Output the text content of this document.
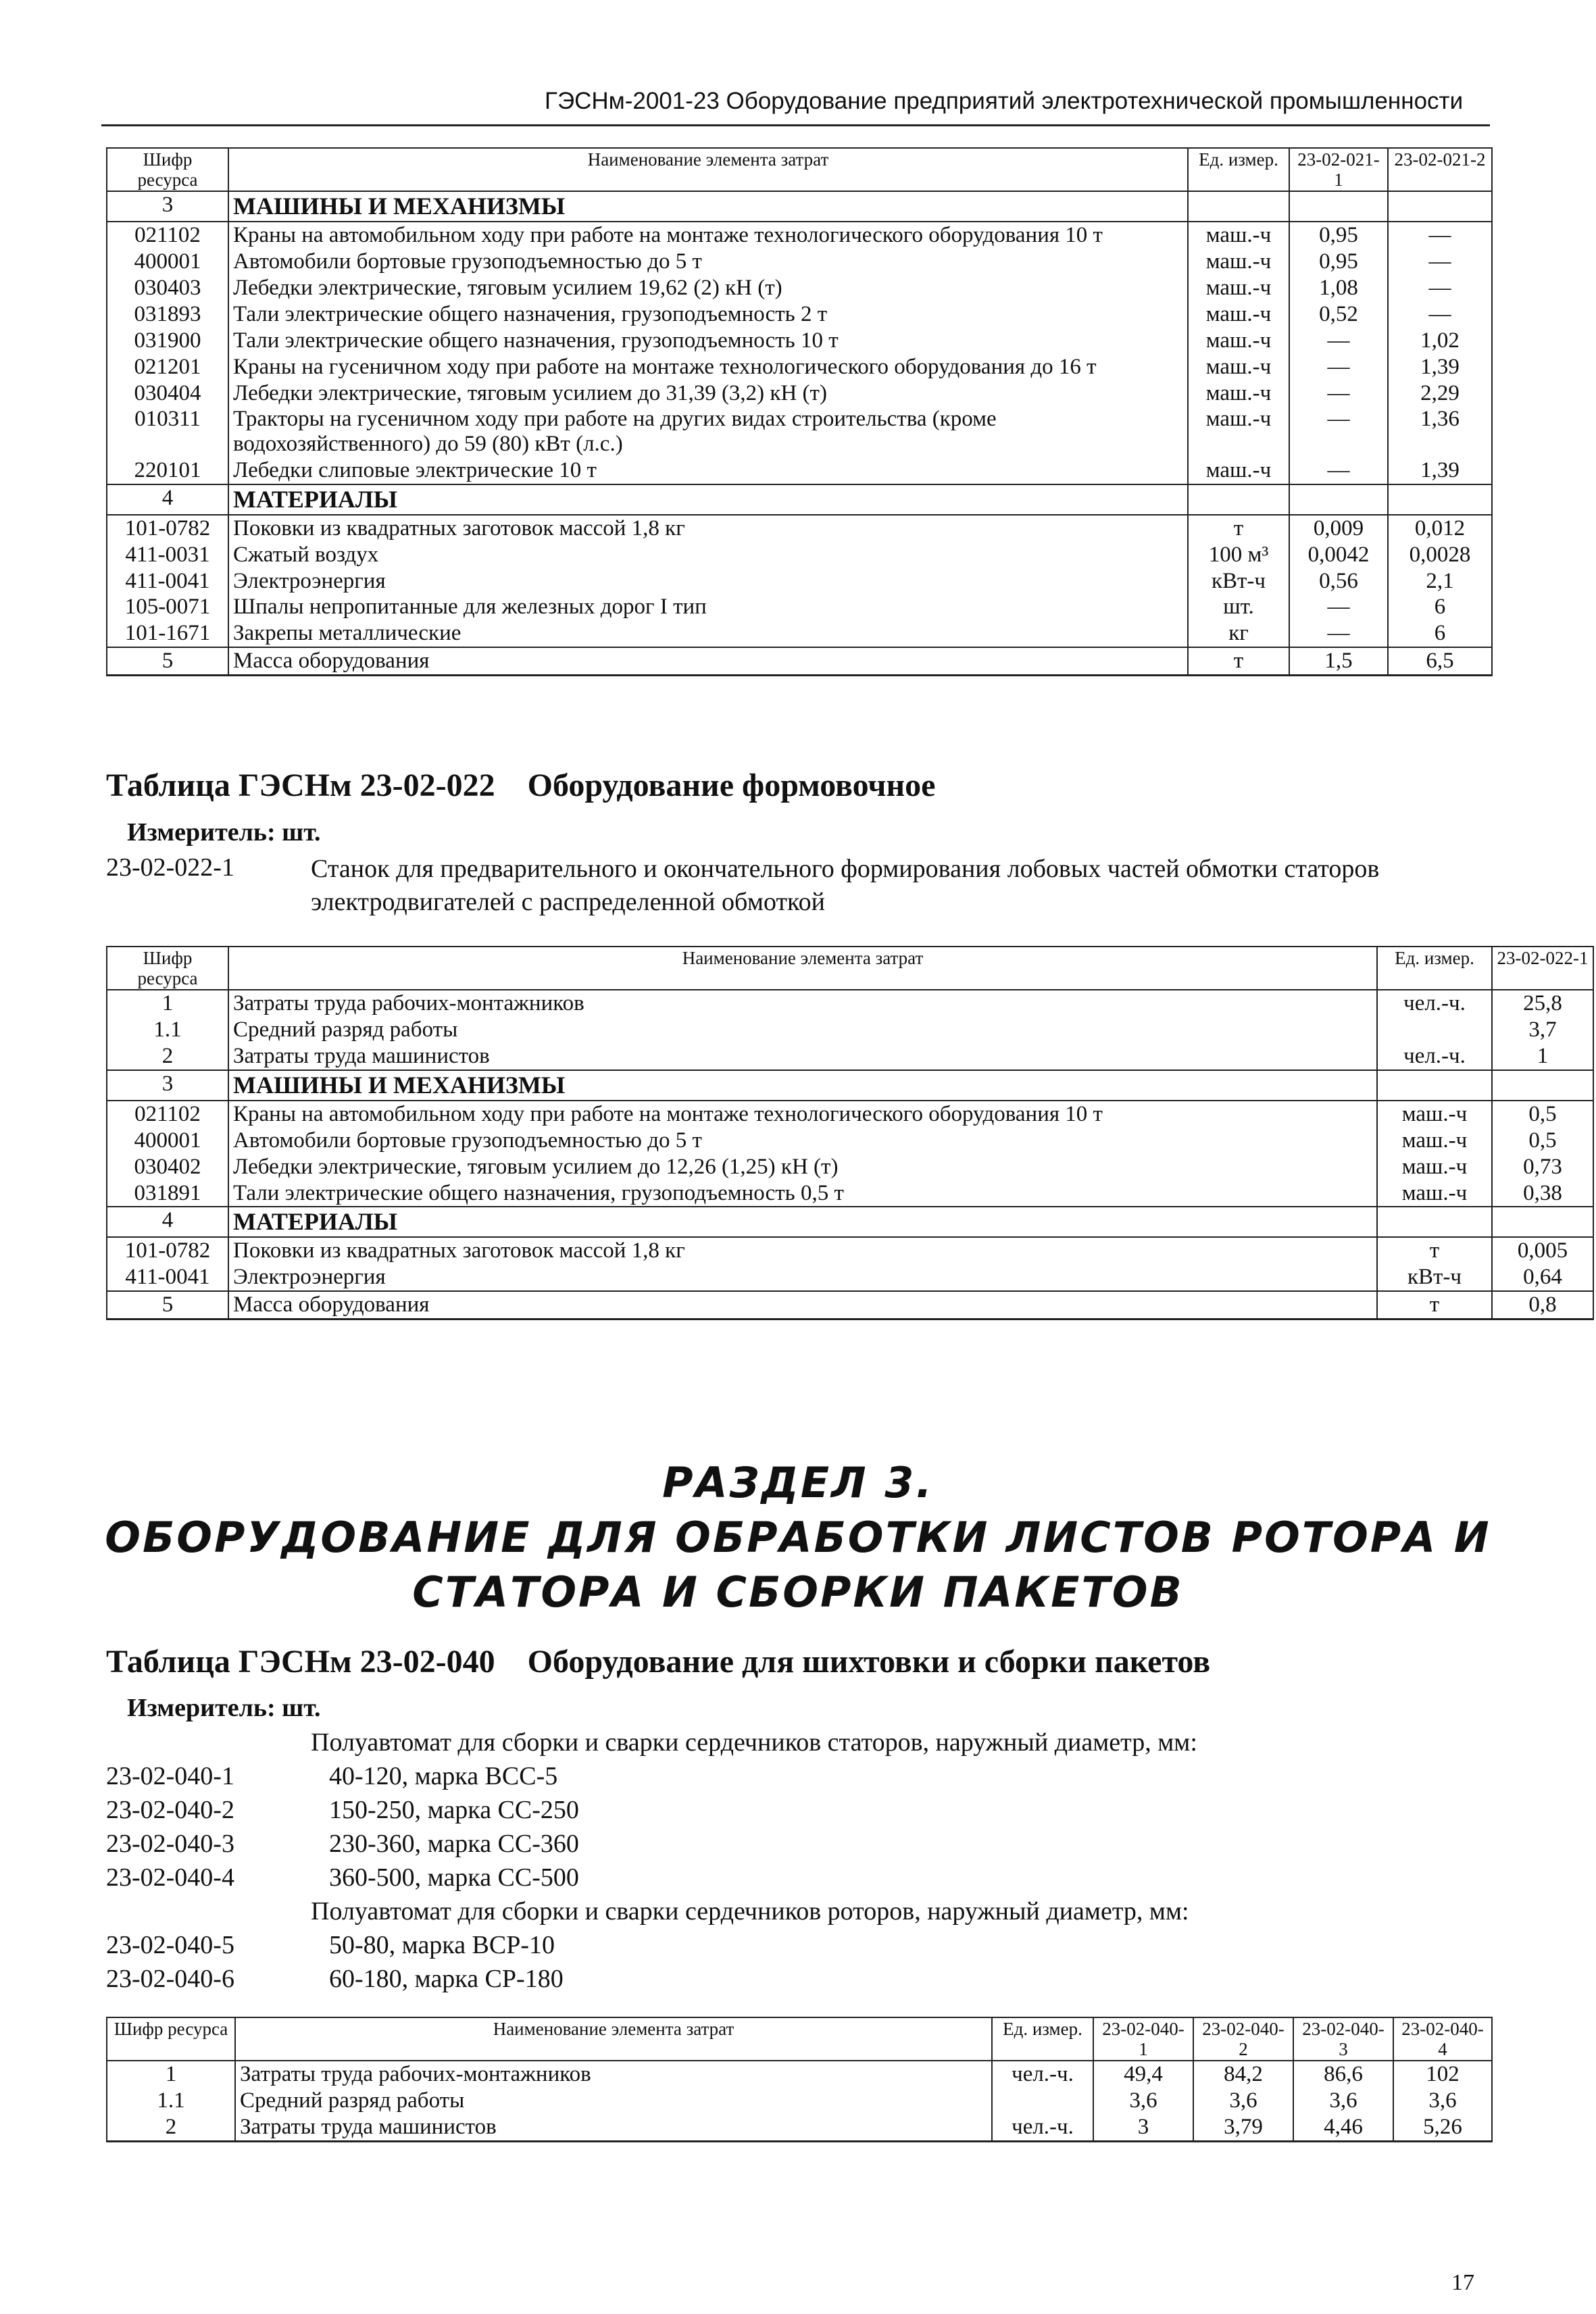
ГЭСНм-2001-23 Оборудование предприятий электротехнической промышленности
Шифр ресурса	Наименование элемента затрат	Ед. измер.	23-02-021-1	23-02-021-2
3	МАШИНЫ И МЕХАНИЗМЫ			
021102	Краны на автомобильном ходу при работе на монтаже технологического оборудования 10 т	маш.-ч	0,95	—
400001	Автомобили бортовые грузоподъемностью до 5 т	маш.-ч	0,95	—
030403	Лебедки электрические, тяговым усилием 19,62 (2) кН (т)	маш.-ч	1,08	—
031893	Тали электрические общего назначения, грузоподъемность 2 т	маш.-ч	0,52	—
031900	Тали электрические общего назначения, грузоподъемность 10 т	маш.-ч	—	1,02
021201	Краны на гусеничном ходу при работе на монтаже технологического оборудования до 16 т	маш.-ч	—	1,39
030404	Лебедки электрические, тяговым усилием до 31,39 (3,2) кН (т)	маш.-ч	—	2,29
010311	Тракторы на гусеничном ходу при работе на других видах строительства (кроме водохозяйственного) до 59 (80) кВт (л.с.)	маш.-ч	—	1,36
220101	Лебедки слиповые электрические 10 т	маш.-ч	—	1,39
4	МАТЕРИАЛЫ			
101-0782	Поковки из квадратных заготовок массой 1,8 кг	т	0,009	0,012
411-0031	Сжатый воздух	100 м³	0,0042	0,0028
411-0041	Электроэнергия	кВт-ч	0,56	2,1
105-0071	Шпалы непропитанные для железных дорог I тип	шт.	—	6
101-1671	Закрепы металлические	кг	—	6
5	Масса оборудования	т	1,5	6,5
Таблица ГЭСНм 23-02-022 Оборудование формовочное
Измеритель: шт.
23-02-022-1	Станок для предварительного и окончательного формирования лобовых частей обмотки статоров электродвигателей с распределенной обмоткой
Шифр ресурса	Наименование элемента затрат	Ед. измер.	23-02-022-1
1	Затраты труда рабочих-монтажников	чел.-ч.	25,8
1.1	Средний разряд работы		3,7
2	Затраты труда машинистов	чел.-ч.	1
3	МАШИНЫ И МЕХАНИЗМЫ		
021102	Краны на автомобильном ходу при работе на монтаже технологического оборудования 10 т	маш.-ч	0,5
400001	Автомобили бортовые грузоподъемностью до 5 т	маш.-ч	0,5
030402	Лебедки электрические, тяговым усилием до 12,26 (1,25) кН (т)	маш.-ч	0,73
031891	Тали электрические общего назначения, грузоподъемность 0,5 т	маш.-ч	0,38
4	МАТЕРИАЛЫ		
101-0782	Поковки из квадратных заготовок массой 1,8 кг	т	0,005
411-0041	Электроэнергия	кВт-ч	0,64
5	Масса оборудования	т	0,8
РАЗДЕЛ 3.
ОБОРУДОВАНИЕ ДЛЯ ОБРАБОТКИ ЛИСТОВ РОТОРА И
СТАТОРА И СБОРКИ ПАКЕТОВ
Таблица ГЭСНм 23-02-040 Оборудование для шихтовки и сборки пакетов
Измеритель: шт.
Полуавтомат для сборки и сварки сердечников статоров, наружный диаметр, мм:
23-02-040-1	40-120, марка ВСС-5
23-02-040-2	150-250, марка СС-250
23-02-040-3	230-360, марка СС-360
23-02-040-4	360-500, марка СС-500
Полуавтомат для сборки и сварки сердечников роторов, наружный диаметр, мм:
23-02-040-5	50-80, марка ВСР-10
23-02-040-6	60-180, марка СР-180
Шифр ресурса	Наименование элемента затрат	Ед. измер.	23-02-040-1	23-02-040-2	23-02-040-3	23-02-040-4
1	Затраты труда рабочих-монтажников	чел.-ч.	49,4	84,2	86,6	102
1.1	Средний разряд работы		3,6	3,6	3,6	3,6
2	Затраты труда машинистов	чел.-ч.	3	3,79	4,46	5,26
17
